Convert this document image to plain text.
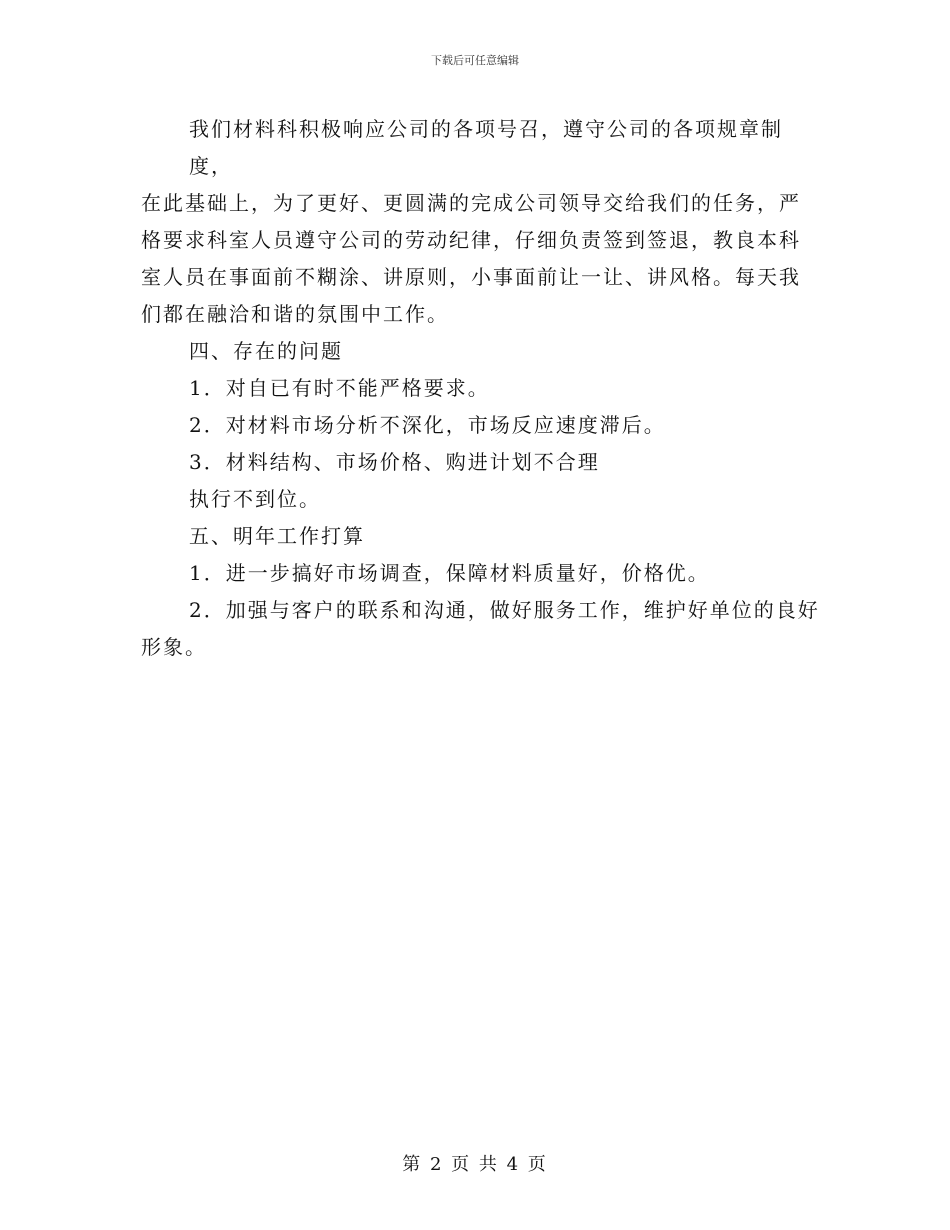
下载后可任意编辑

我们材料科积极响应公司的各项号召，遵守公司的各项规章制度，
在此基础上，为了更好、更圆满的完成公司领导交给我们的任务，严
格要求科室人员遵守公司的劳动纪律，仔细负责签到签退，教良本科
室人员在事面前不糊涂、讲原则，小事面前让一让、讲风格。每天我
们都在融洽和谐的氛围中工作。

四、存在的问题

1．对自已有时不能严格要求。

2．对材料市场分析不深化，市场反应速度滞后。

3．材料结构、市场价格、购进计划不合理

执行不到位。

五、明年工作打算

1．进一步搞好市场调查，保障材料质量好，价格优。

2．加强与客户的联系和沟通，做好服务工作，维护好单位的良好
形象。

第 2 页 共 4 页
